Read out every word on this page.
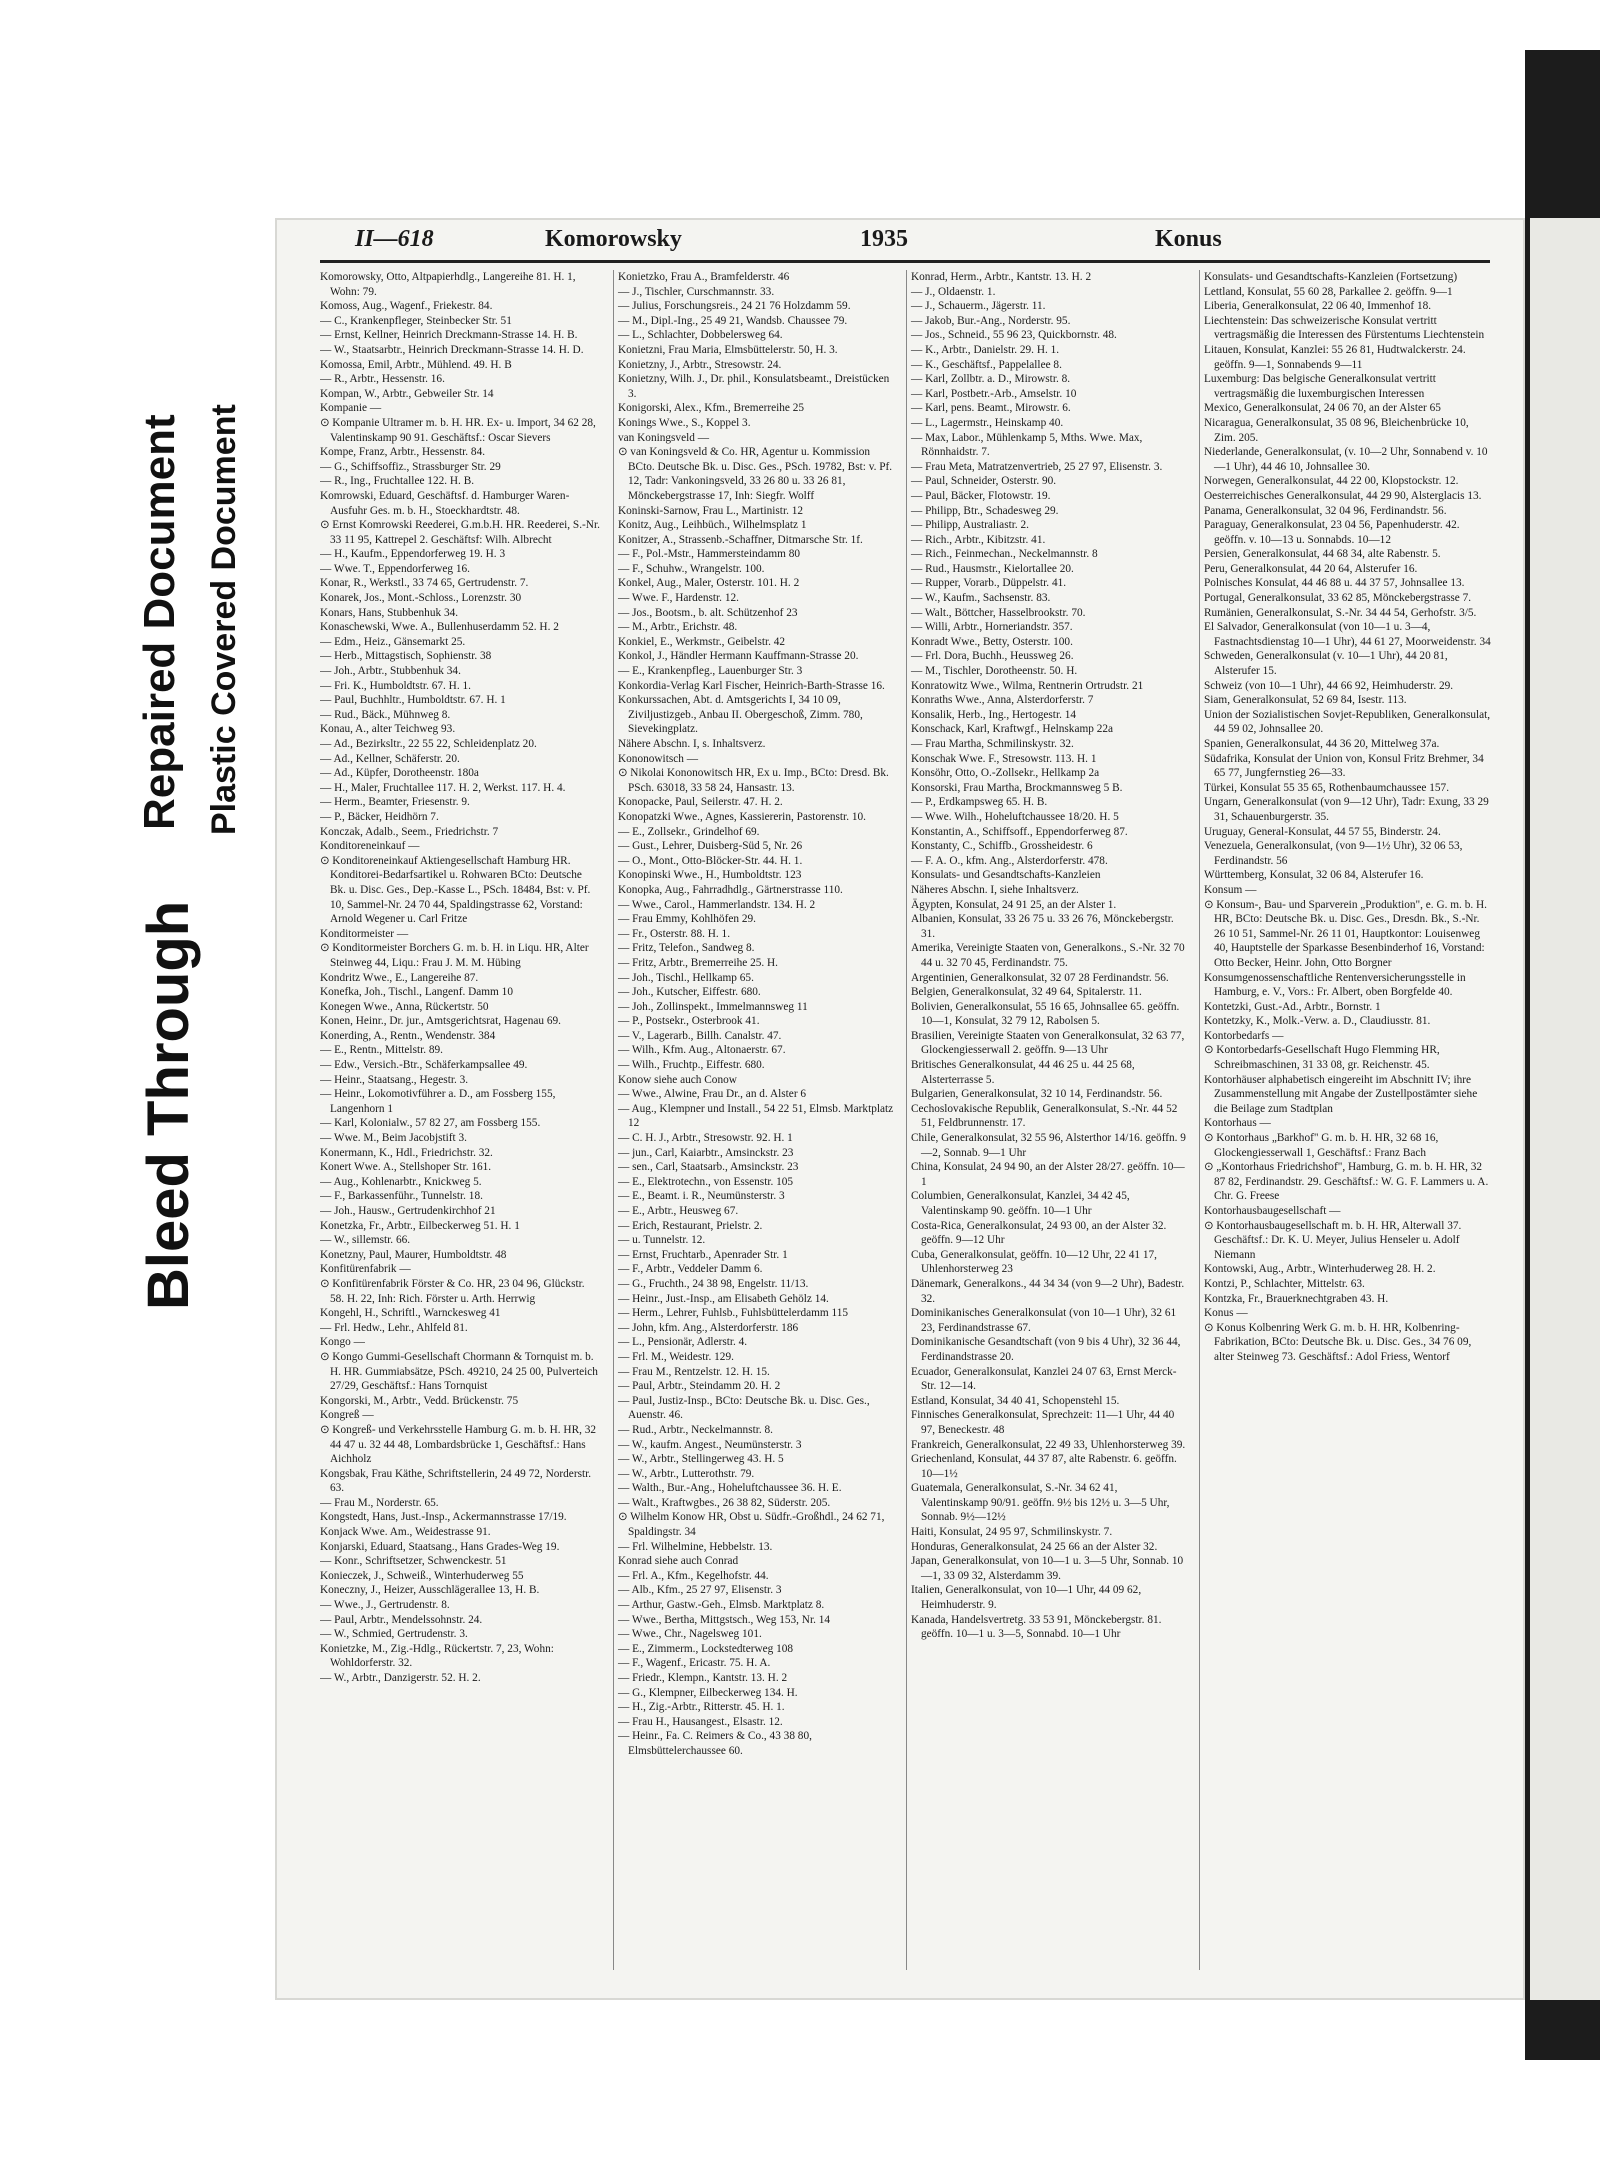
Bleed Through
Repaired Document Plastic Covered Document
II—618	Komorowsky	1935	Konus

Komorowsky, Otto, Altpapierhdlg., Langereihe 81. H. 1, Wohn: 79.

Komoss, Aug., Wagenf., Friekestr. 84.

— C., Krankenpfleger, Steinbecker Str. 51

— Ernst, Kellner, Heinrich Dreckmann-Strasse 14. H. B.

— W., Staatsarbtr., Heinrich Dreckmann-Strasse 14. H. D.

Komossa, Emil, Arbtr., Mühlend. 49. H. B

— R., Arbtr., Hessenstr. 16.

Kompan, W., Arbtr., Gebweiler Str. 14

Kompanie —

⊙ Kompanie Ultramer m. b. H. HR. Ex- u. Import, 34 62 28, Valentinskamp 90 91. Geschäftsf.: Oscar Sievers

Kompe, Franz, Arbtr., Hessenstr. 84.

— G., Schiffsoffiz., Strassburger Str. 29

— R., Ing., Fruchtallee 122. H. B.

Komrowski, Eduard, Geschäftsf. d. Hamburger Waren-Ausfuhr Ges. m. b. H., Stoeckhardtstr. 48.

⊙ Ernst Komrowski Reederei, G.m.b.H. HR. Reederei, S.-Nr. 33 11 95, Kattrepel 2. Geschäftsf: Wilh. Albrecht

— H., Kaufm., Eppendorferweg 19. H. 3

— Wwe. T., Eppendorferweg 16.

Konar, R., Werkstl., 33 74 65, Gertrudenstr. 7.

Konarek, Jos., Mont.-Schloss., Lorenzstr. 30

Konars, Hans, Stubbenhuk 34.

Konaschewski, Wwe. A., Bullenhuserdamm 52. H. 2

— Edm., Heiz., Gänsemarkt 25.

— Herb., Mittagstisch, Sophienstr. 38

— Joh., Arbtr., Stubbenhuk 34.

— Fri. K., Humboldtstr. 67. H. 1.

— Paul, Buchhltr., Humboldtstr. 67. H. 1

— Rud., Bäck., Mühnweg 8.

Konau, A., alter Teichweg 93.

— Ad., Bezirksltr., 22 55 22, Schleidenplatz 20.

— Ad., Kellner, Schäferstr. 20.

— Ad., Küpfer, Dorotheenstr. 180a

— H., Maler, Fruchtallee 117. H. 2, Werkst. 117. H. 4.

— Herm., Beamter, Friesenstr. 9.

— P., Bäcker, Heidhörn 7.

Konczak, Adalb., Seem., Friedrichstr. 7

Konditoreneinkauf —

⊙ Konditoreneinkauf Aktiengesellschaft Hamburg HR. Konditorei-Bedarfsartikel u. Rohwaren BCto: Deutsche Bk. u. Disc. Ges., Dep.-Kasse L., PSch. 18484, Bst: v. Pf. 10, Sammel-Nr. 24 70 44, Spaldingstrasse 62, Vorstand: Arnold Wegener u. Carl Fritze

Konditormeister —

⊙ Konditormeister Borchers G. m. b. H. in Liqu. HR, Alter Steinweg 44, Liqu.: Frau J. M. M. Hübing

Kondritz Wwe., E., Langereihe 87.

Konefka, Joh., Tischl., Langenf. Damm 10

Konegen Wwe., Anna, Rückertstr. 50

Konen, Heinr., Dr. jur., Amtsgerichtsrat, Hagenau 69.

Konerding, A., Rentn., Wendenstr. 384

— E., Rentn., Mittelstr. 89.

— Edw., Versich.-Btr., Schäferkampsallee 49.

— Heinr., Staatsang., Hegestr. 3.

— Heinr., Lokomotivführer a. D., am Fossberg 155, Langenhorn 1

— Karl, Kolonialw., 57 82 27, am Fossberg 155.

— Wwe. M., Beim Jacobjstift 3.

Konermann, K., Hdl., Friedrichstr. 32.

Konert Wwe. A., Stellshoper Str. 161.

— Aug., Kohlenarbtr., Knickweg 5.

— F., Barkassenführ., Tunnelstr. 18.

— Joh., Hausw., Gertrudenkirchhof 21

Konetzka, Fr., Arbtr., Eilbeckerweg 51. H. 1

— W., sillemstr. 66.

Konetzny, Paul, Maurer, Humboldtstr. 48

Konfitürenfabrik —

⊙ Konfitürenfabrik Förster & Co. HR, 23 04 96, Glückstr. 58. H. 22, Inh: Rich. Förster u. Arth. Herrwig

Kongehl, H., Schriftl., Warnckesweg 41

— Frl. Hedw., Lehr., Ahlfeld 81.

Kongo —

⊙ Kongo Gummi-Gesellschaft Chormann & Tornquist m. b. H. HR. Gummiabsätze, PSch. 49210, 24 25 00, Pulverteich 27/29, Geschäftsf.: Hans Tornquist

Kongorski, M., Arbtr., Vedd. Brückenstr. 75

Kongreß —

⊙ Kongreß- und Verkehrsstelle Hamburg G. m. b. H. HR, 32 44 47 u. 32 44 48, Lombardsbrücke 1, Geschäftsf.: Hans Aichholz

Kongsbak, Frau Käthe, Schriftstellerin, 24 49 72, Norderstr. 63.

— Frau M., Norderstr. 65.

Kongstedt, Hans, Just.-Insp., Ackermannstrasse 17/19.

Konjack Wwe. Am., Weidestrasse 91.

Konjarski, Eduard, Staatsang., Hans Grades-Weg 19.

— Konr., Schriftsetzer, Schwenckestr. 51

Konieczek, J., Schweiß., Winterhuderweg 55

Koneczny, J., Heizer, Ausschlägerallee 13, H. B.

— Wwe., J., Gertrudenstr. 8.

— Paul, Arbtr., Mendelssohnstr. 24.

— W., Schmied, Gertrudenstr. 3.

Konietzke, M., Zig.-Hdlg., Rückertstr. 7, 23, Wohn: Wohldorferstr. 32.

— W., Arbtr., Danzigerstr. 52. H. 2.

Konietzko, Frau A., Bramfelderstr. 46

— J., Tischler, Curschmannstr. 33.

— Julius, Forschungsreis., 24 21 76 Holzdamm 59.

— M., Dipl.-Ing., 25 49 21, Wandsb. Chaussee 79.

— L., Schlachter, Dobbelersweg 64.

Konietzni, Frau Maria, Elmsbüttelerstr. 50, H. 3.

Konietzny, J., Arbtr., Stresowstr. 24.

Konietzny, Wilh. J., Dr. phil., Konsulatsbeamt., Dreistücken 3.

Konigorski, Alex., Kfm., Bremerreihe 25

Konings Wwe., S., Koppel 3.

van Koningsveld —

⊙ van Koningsveld & Co. HR, Agentur u. Kommission BCto. Deutsche Bk. u. Disc. Ges., PSch. 19782, Bst: v. Pf. 12, Tadr: Vankoningsveld, 33 26 80 u. 33 26 81, Mönckebergstrasse 17, Inh: Siegfr. Wolff

Koninski-Sarnow, Frau L., Martinistr. 12

Konitz, Aug., Leihbüch., Wilhelmsplatz 1

Konitzer, A., Strassenb.-Schaffner, Ditmarsche Str. 1f.

— F., Pol.-Mstr., Hammersteindamm 80

— F., Schuhw., Wrangelstr. 100.

Konkel, Aug., Maler, Osterstr. 101. H. 2

— Wwe. F., Hardenstr. 12.

— Jos., Bootsm., b. alt. Schützenhof 23

— M., Arbtr., Erichstr. 48.

Konkiel, E., Werkmstr., Geibelstr. 42

Konkol, J., Händler Hermann Kauffmann-Strasse 20.

— E., Krankenpfleg., Lauenburger Str. 3

Konkordia-Verlag Karl Fischer, Heinrich-Barth-Strasse 16.

Konkurssachen, Abt. d. Amtsgerichts I, 34 10 09, Ziviljustizgeb., Anbau II. Obergeschoß, Zimm. 780, Sievekingplatz.

Nähere Abschn. I, s. Inhaltsverz.

Kononowitsch —

⊙ Nikolai Kononowitsch HR, Ex u. Imp., BCto: Dresd. Bk. PSch. 63018, 33 58 24, Hansastr. 13.

Konopacke, Paul, Seilerstr. 47. H. 2.

Konopatzki Wwe., Agnes, Kassiererin, Pastorenstr. 10.

— E., Zollsekr., Grindelhof 69.

— Gust., Lehrer, Duisberg-Süd 5, Nr. 26

— O., Mont., Otto-Blöcker-Str. 44. H. 1.

Konopinski Wwe., H., Humboldtstr. 123

Konopka, Aug., Fahrradhdlg., Gärtnerstrasse 110.

— Wwe., Carol., Hammerlandstr. 134. H. 2

— Frau Emmy, Kohlhöfen 29.

— Fr., Osterstr. 88. H. 1.

— Fritz, Telefon., Sandweg 8.

— Fritz, Arbtr., Bremerreihe 25. H.

— Joh., Tischl., Hellkamp 65.

— Joh., Kutscher, Eiffestr. 680.

— Joh., Zollinspekt., Immelmannsweg 11

— P., Postsekr., Osterbrook 41.

— V., Lagerarb., Billh. Canalstr. 47.

— Wilh., Kfm. Aug., Altonaerstr. 67.

— Wilh., Fruchtp., Eiffestr. 680.

Konow siehe auch Conow

— Wwe., Alwine, Frau Dr., an d. Alster 6

— Aug., Klempner und Install., 54 22 51, Elmsb. Marktplatz 12

— C. H. J., Arbtr., Stresowstr. 92. H. 1

— jun., Carl, Kaiarbtr., Amsinckstr. 23

— sen., Carl, Staatsarb., Amsinckstr. 23

— E., Elektrotechn., von Essenstr. 105

— E., Beamt. i. R., Neumünsterstr. 3

— E., Arbtr., Heusweg 67.

— Erich, Restaurant, Prielstr. 2.

— u. Tunnelstr. 12.

— Ernst, Fruchtarb., Apenrader Str. 1

— F., Arbtr., Veddeler Damm 6.

— G., Fruchth., 24 38 98, Engelstr. 11/13.

— Heinr., Just.-Insp., am Elisabeth Gehölz 14.

— Herm., Lehrer, Fuhlsb., Fuhlsbüttelerdamm 115

— John, kfm. Ang., Alsterdorferstr. 186

— L., Pensionär, Adlerstr. 4.

— Frl. M., Weidestr. 129.

— Frau M., Rentzelstr. 12. H. 15.

— Paul, Arbtr., Steindamm 20. H. 2

— Paul, Justiz-Insp., BCto: Deutsche Bk. u. Disc. Ges., Auenstr. 46.

— Rud., Arbtr., Neckelmannstr. 8.

— W., kaufm. Angest., Neumünsterstr. 3

— W., Arbtr., Stellingerweg 43. H. 5

— W., Arbtr., Lutterothstr. 79.

— Walth., Bur.-Ang., Hoheluftchaussee 36. H. E.

— Walt., Kraftwgbes., 26 38 82, Süderstr. 205.

⊙ Wilhelm Konow HR, Obst u. Südfr.-Großhdl., 24 62 71, Spaldingstr. 34

— Frl. Wilhelmine, Hebbelstr. 13.

Konrad siehe auch Conrad

— Frl. A., Kfm., Kegelhofstr. 44.

— Alb., Kfm., 25 27 97, Elisenstr. 3

— Arthur, Gastw.-Geh., Elmsb. Marktplatz 8.

— Wwe., Bertha, Mittgstsch., Weg 153, Nr. 14

— Wwe., Chr., Nagelsweg 101.

— E., Zimmerm., Lockstedterweg 108

— F., Wagenf., Ericastr. 75. H. A.

— Friedr., Klempn., Kantstr. 13. H. 2

— G., Klempner, Eilbeckerweg 134. H.

— H., Zig.-Arbtr., Ritterstr. 45. H. 1.

— Frau H., Hausangest., Elsastr. 12.

— Heinr., Fa. C. Reimers & Co., 43 38 80, Elmsbüttelerchaussee 60.

Konrad, Herm., Arbtr., Kantstr. 13. H. 2

— J., Oldaenstr. 1.

— J., Schauerm., Jägerstr. 11.

— Jakob, Bur.-Ang., Norderstr. 95.

— Jos., Schneid., 55 96 23, Quickbornstr. 48.

— K., Arbtr., Danielstr. 29. H. 1.

— K., Geschäftsf., Pappelallee 8.

— Karl, Zollbtr. a. D., Mirowstr. 8.

— Karl, Postbetr.-Arb., Amselstr. 10

— Karl, pens. Beamt., Mirowstr. 6.

— L., Lagermstr., Heinskamp 40.

— Max, Labor., Mühlenkamp 5, Mths. Wwe. Max, Rönnhaidstr. 7.

— Frau Meta, Matratzenvertrieb, 25 27 97, Elisenstr. 3.

— Paul, Schneider, Osterstr. 90.

— Paul, Bäcker, Flotowstr. 19.

— Philipp, Btr., Schadesweg 29.

— Philipp, Australiastr. 2.

— Rich., Arbtr., Kibitzstr. 41.

— Rich., Feinmechan., Neckelmannstr. 8

— Rud., Hausmstr., Kielortallee 20.

— Rupper, Vorarb., Düppelstr. 41.

— W., Kaufm., Sachsenstr. 83.

— Walt., Böttcher, Hasselbrookstr. 70.

— Willi, Arbtr., Horneriandstr. 357.

Konradt Wwe., Betty, Osterstr. 100.

— Frl. Dora, Buchh., Heussweg 26.

— M., Tischler, Dorotheenstr. 50. H.

Konratowitz Wwe., Wilma, Rentnerin Ortrudstr. 21

Konraths Wwe., Anna, Alsterdorferstr. 7

Konsalik, Herb., Ing., Hertogestr. 14

Konschack, Karl, Kraftwgf., Helnskamp 22a

— Frau Martha, Schmilinskystr. 32.

Konschak Wwe. F., Stresowstr. 113. H. 1

Konsöhr, Otto, O.-Zollsekr., Hellkamp 2a

Konsorski, Frau Martha, Brockmannsweg 5 B.

— P., Erdkampsweg 65. H. B.

— Wwe. Wilh., Hoheluftchaussee 18/20. H. 5

Konstantin, A., Schiffsoff., Eppendorferweg 87.

Konstanty, C., Schiffb., Grossheidestr. 6

— F. A. O., kfm. Ang., Alsterdorferstr. 478.

Konsulats- und Gesandtschafts-Kanzleien

Näheres Abschn. I, siehe Inhaltsverz.

Ägypten, Konsulat, 24 91 25, an der Alster 1.

Albanien, Konsulat, 33 26 75 u. 33 26 76, Mönckebergstr. 31.

Amerika, Vereinigte Staaten von, Generalkons., S.-Nr. 32 70 44 u. 32 70 45, Ferdinandstr. 75.

Argentinien, Generalkonsulat, 32 07 28 Ferdinandstr. 56.

Belgien, Generalkonsulat, 32 49 64, Spitalerstr. 11.

Bolivien, Generalkonsulat, 55 16 65, Johnsallee 65. geöffn. 10—1, Konsulat, 32 79 12, Rabolsen 5.

Brasilien, Vereinigte Staaten von Generalkonsulat, 32 63 77, Glockengiesserwall 2. geöffn. 9—13 Uhr

Britisches Generalkonsulat, 44 46 25 u. 44 25 68, Alsterterrasse 5.

Bulgarien, Generalkonsulat, 32 10 14, Ferdinandstr. 56.

Cechoslovakische Republik, Generalkonsulat, S.-Nr. 44 52 51, Feldbrunnenstr. 17.

Chile, Generalkonsulat, 32 55 96, Alsterthor 14/16. geöffn. 9—2, Sonnab. 9—1 Uhr

China, Konsulat, 24 94 90, an der Alster 28/27. geöffn. 10—1

Columbien, Generalkonsulat, Kanzlei, 34 42 45, Valentinskamp 90. geöffn. 10—1 Uhr

Costa-Rica, Generalkonsulat, 24 93 00, an der Alster 32. geöffn. 9—12 Uhr

Cuba, Generalkonsulat, geöffn. 10—12 Uhr, 22 41 17, Uhlenhorsterweg 23

Dänemark, Generalkons., 44 34 34 (von 9—2 Uhr), Badestr. 32.

Dominikanisches Generalkonsulat (von 10—1 Uhr), 32 61 23, Ferdinandstrasse 67.

Dominikanische Gesandtschaft (von 9 bis 4 Uhr), 32 36 44, Ferdinandstrasse 20.

Ecuador, Generalkonsulat, Kanzlei 24 07 63, Ernst Merck-Str. 12—14.

Estland, Konsulat, 34 40 41, Schopenstehl 15.

Finnisches Generalkonsulat, Sprechzeit: 11—1 Uhr, 44 40 97, Beneckestr. 48

Frankreich, Generalkonsulat, 22 49 33, Uhlenhorsterweg 39.

Griechenland, Konsulat, 44 37 87, alte Rabenstr. 6. geöffn. 10—1½

Guatemala, Generalkonsulat, S.-Nr. 34 62 41, Valentinskamp 90/91. geöffn. 9½ bis 12½ u. 3—5 Uhr, Sonnab. 9½—12½

Haiti, Konsulat, 24 95 97, Schmilinskystr. 7.

Honduras, Generalkonsulat, 24 25 66 an der Alster 32.

Japan, Generalkonsulat, von 10—1 u. 3—5 Uhr, Sonnab. 10—1, 33 09 32, Alsterdamm 39.

Italien, Generalkonsulat, von 10—1 Uhr, 44 09 62, Heimhuderstr. 9.

Kanada, Handelsvertretg. 33 53 91, Mönckebergstr. 81. geöffn. 10—1 u. 3—5, Sonnabd. 10—1 Uhr

Konsulats- und Gesandtschafts-Kanzleien (Fortsetzung)

Lettland, Konsulat, 55 60 28, Parkallee 2. geöffn. 9—1

Liberia, Generalkonsulat, 22 06 40, Immenhof 18.

Liechtenstein: Das schweizerische Konsulat vertritt vertragsmäßig die Interessen des Fürstentums Liechtenstein

Litauen, Konsulat, Kanzlei: 55 26 81, Hudtwalckerstr. 24. geöffn. 9—1, Sonnabends 9—11

Luxemburg: Das belgische Generalkonsulat vertritt vertragsmäßig die luxemburgischen Interessen

Mexico, Generalkonsulat, 24 06 70, an der Alster 65

Nicaragua, Generalkonsulat, 35 08 96, Bleichenbrücke 10, Zim. 205.

Niederlande, Generalkonsulat, (v. 10—2 Uhr, Sonnabend v. 10—1 Uhr), 44 46 10, Johnsallee 30.

Norwegen, Generalkonsulat, 44 22 00, Klopstockstr. 12.

Oesterreichisches Generalkonsulat, 44 29 90, Alsterglacis 13.

Panama, Generalkonsulat, 32 04 96, Ferdinandstr. 56.

Paraguay, Generalkonsulat, 23 04 56, Papenhuderstr. 42. geöffn. v. 10—13 u. Sonnabds. 10—12

Persien, Generalkonsulat, 44 68 34, alte Rabenstr. 5.

Peru, Generalkonsulat, 44 20 64, Alsterufer 16.

Polnisches Konsulat, 44 46 88 u. 44 37 57, Johnsallee 13.

Portugal, Generalkonsulat, 33 62 85, Mönckebergstrasse 7.

Rumänien, Generalkonsulat, S.-Nr. 34 44 54, Gerhofstr. 3/5.

El Salvador, Generalkonsulat (von 10—1 u. 3—4, Fastnachtsdienstag 10—1 Uhr), 44 61 27, Moorweidenstr. 34

Schweden, Generalkonsulat (v. 10—1 Uhr), 44 20 81, Alsterufer 15.

Schweiz (von 10—1 Uhr), 44 66 92, Heimhuderstr. 29.

Siam, Generalkonsulat, 52 69 84, Isestr. 113.

Union der Sozialistischen Sovjet-Republiken, Generalkonsulat, 44 59 02, Johnsallee 20.

Spanien, Generalkonsulat, 44 36 20, Mittelweg 37a.

Südafrika, Konsulat der Union von, Konsul Fritz Brehmer, 34 65 77, Jungfernstieg 26—33.

Türkei, Konsulat 55 35 65, Rothenbaumchaussee 157.

Ungarn, Generalkonsulat (von 9—12 Uhr), Tadr: Exung, 33 29 31, Schauenburgerstr. 35.

Uruguay, General-Konsulat, 44 57 55, Binderstr. 24.

Venezuela, Generalkonsulat, (von 9—1½ Uhr), 32 06 53, Ferdinandstr. 56

Württemberg, Konsulat, 32 06 84, Alsterufer 16.

Konsum —

⊙ Konsum-, Bau- und Sparverein „Produktion", e. G. m. b. H. HR, BCto: Deutsche Bk. u. Disc. Ges., Dresdn. Bk., S.-Nr. 26 10 51, Sammel-Nr. 26 11 01, Hauptkontor: Louisenweg 40, Hauptstelle der Sparkasse Besenbinderhof 16, Vorstand: Otto Becker, Heinr. John, Otto Borgner

Konsumgenossenschaftliche Rentenversicherungsstelle in Hamburg, e. V., Vors.: Fr. Albert, oben Borgfelde 40.

Kontetzki, Gust.-Ad., Arbtr., Bornstr. 1

Kontetzky, K., Molk.-Verw. a. D., Claudiusstr. 81.

Kontorbedarfs —

⊙ Kontorbedarfs-Gesellschaft Hugo Flemming HR, Schreibmaschinen, 31 33 08, gr. Reichenstr. 45.

Kontorhäuser alphabetisch eingereiht im Abschnitt IV; ihre Zusammenstellung mit Angabe der Zustellpostämter siehe die Beilage zum Stadtplan

Kontorhaus —

⊙ Kontorhaus „Barkhof" G. m. b. H. HR, 32 68 16, Glockengiesserwall 1, Geschäftsf.: Franz Bach

⊙ „Kontorhaus Friedrichshof", Hamburg, G. m. b. H. HR, 32 87 82, Ferdinandstr. 29. Geschäftsf.: W. G. F. Lammers u. A. Chr. G. Freese

Kontorhausbaugesellschaft —

⊙ Kontorhausbaugesellschaft m. b. H. HR, Alterwall 37. Geschäftsf.: Dr. K. U. Meyer, Julius Henseler u. Adolf Niemann

Kontowski, Aug., Arbtr., Winterhuderweg 28. H. 2.

Kontzi, P., Schlachter, Mittelstr. 63.

Kontzka, Fr., Brauerknechtgraben 43. H.

Konus —

⊙ Konus Kolbenring Werk G. m. b. H. HR, Kolbenring-Fabrikation, BCto: Deutsche Bk. u. Disc. Ges., 34 76 09, alter Steinweg 73. Geschäftsf.: Adol Friess, Wentorf
